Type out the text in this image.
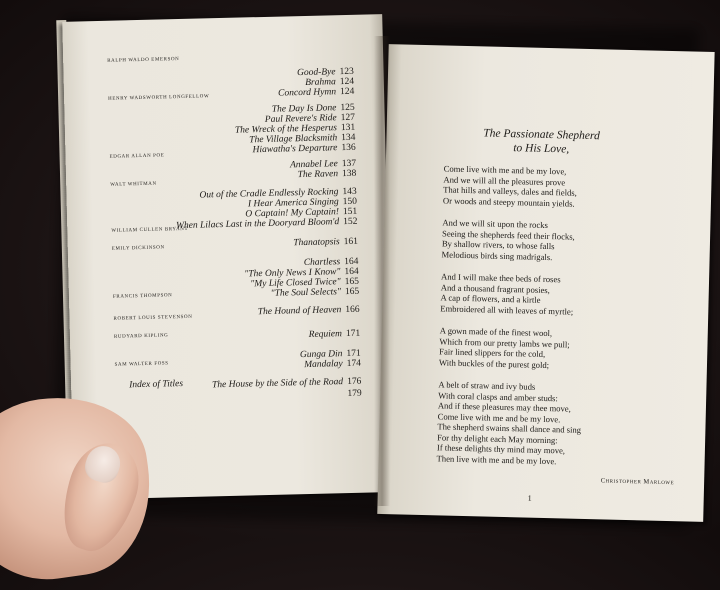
RALPH WALDO EMERSON
Good-Bye 123
Brahma 124
Concord Hymn 124
HENRY WADSWORTH LONGFELLOW
The Day Is Done 125
Paul Revere's Ride 127
The Wreck of the Hesperus 131
The Village Blacksmith 134
Hiawatha's Departure 136
EDGAR ALLAN POE
Annabel Lee 137
The Raven 138
WALT WHITMAN
Out of the Cradle Endlessly Rocking 143
I Hear America Singing 150
O Captain! My Captain! 151
When Lilacs Last in the Dooryard Bloom'd 152
WILLIAM CULLEN BRYANT
Thanatopsis 161
EMILY DICKINSON
Chartless 164
"The Only News I Know" 164
"My Life Closed Twice" 165
"The Soul Selects" 165
FRANCIS THOMPSON
The Hound of Heaven 166
ROBERT LOUIS STEVENSON
RUDYARD KIPLING	Requiem 171
Gunga Din 171
SAM WALTER FOSS	Mandalay 174
Index of Titles	The House by the Side of the Road 176
179
The Passionate Shepherd
to His Love,
Come live with me and be my love,
And we will all the pleasures prove
That hills and valleys, dales and fields,
Or woods and steepy mountain yields.
And we will sit upon the rocks
Seeing the shepherds feed their flocks,
By shallow rivers, to whose falls
Melodious birds sing madrigals.
And I will make thee beds of roses
And a thousand fragrant posies,
A cap of flowers, and a kirtle
Embroidered all with leaves of myrtle;
A gown made of the finest wool,
Which from our pretty lambs we pull;
Fair lined slippers for the cold,
With buckles of the purest gold;
A belt of straw and ivy buds
With coral clasps and amber studs:
And if these pleasures may thee move,
Come live with me and be my love.
The shepherd swains shall dance and sing
For thy delight each May morning:
If these delights thy mind may move,
Then live with me and be my love.
Christopher Marlowe
1
